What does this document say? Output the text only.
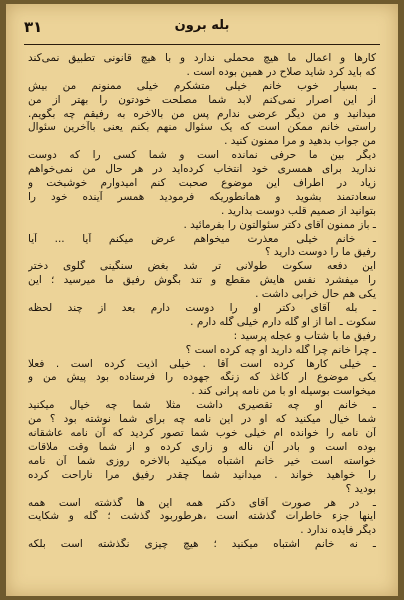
۳۱	بله برون
کارها و اعمال ما هیچ محملی ندارد و با هیچ قانونی تطبیق نمی‌کند
که باید کرد شاید صلاح در همین بوده است .
ـ بسیار خوب خانم خیلی متشکرم خیلی ممنونم من بیش
از این اصرار نمی‌کنم لابد شما مصلحت خودتون را بهتر از من
میدانید و من دیگر عرضی ندارم پس من بالاخره به رفیقم چه بگویم.
راستی خانم ممکن است که یک سئوال منهم بکنم یعنی باآخرین سئوال
من جواب بدهید و مرا ممنون کنید .
دیگر بین ما حرفی نمانده است و شما کسی را که دوست
ندارید برای همسری خود انتخاب کرده‌اید در هر حال من نمی‌خواهم
زیاد در اطراف این موضوع صحبت کنم امیدوارم خوشبخت و
سعادتمند بشوید و همانطوریکه فرمودید همسر آینده خود را
بتوانید از صمیم قلب دوست بدارید .
ـ باز ممنون آقای دکتر سئوالتون را بفرمائید .
ـ خانم خیلی معذرت میخواهم عرض میکنم آیا ... آیا
رفیق ما را دوست دارید ؟
این دفعه سکوت طولانی تر شد بغض سنگینی گلوی دختر
را میفشرد نفس هایش مقطع و تند بگوش رفیق ما میرسید ؛ این
یکی هم حال خرابی داشت .
ـ بله آقای دکتر او را دوست دارم بعد از چند لحظه
سکوت ـ اما از او گله دارم خیلی گله دارم .
رفیق ما با شتاب و عجله پرسید :
ـ چرا خانم چرا گله دارید او چه کرده است ؟
ـ خیلی کارها کرده است آقا . خیلی اذیت کرده است . فعلا
یکی موضوع ار کاغذ که زنگه جهوده را فرستاده بود پیش من و
میخواست بوسیله او با من نامه پرانی کند .
ـ خانم او چه تقصیری داشت مثلا شما چه خیال میکنید
شما خیال میکنید که او در این نامه چه برای شما نوشته بود ؟ من
آن نامه را خوانده ام خیلی خوب شما تصور کردید که آن نامه عاشقانه
بوده است و بادر آن ناله و زاری کرده و از شما وقت ملاقات
خواسته است خیر خانم اشتباه میکنید بالاخره روزی شما آن نامه
را خواهید خواند . میدانید شما چقدر رفیق مرا ناراحت کرده
بودید ؟
ـ در هر صورت آقای دکتر همه این ها گذشته است همه
اینها جزء خاطرات گذشته است ،هرطوربود گذشت ؛ گله و شکایت
دیگر فایده ندارد .
ـ نه خانم اشتباه میکنید ؛ هیچ چیزی نگذشته است بلکه
